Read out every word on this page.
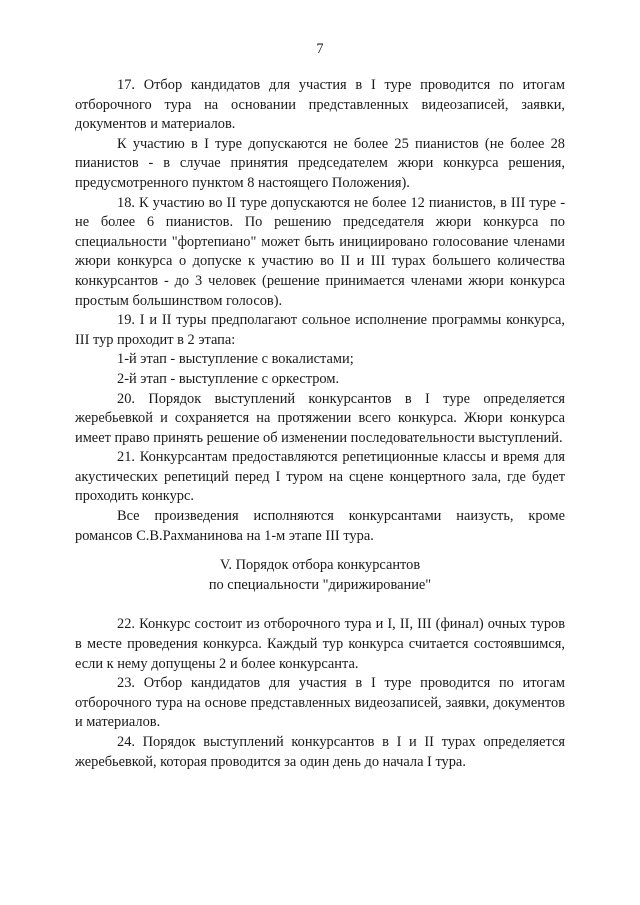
7

17. Отбор кандидатов для участия в I туре проводится по итогам отборочного тура на основании представленных видеозаписей, заявки, документов и материалов.

К участию в I туре допускаются не более 25 пианистов (не более 28 пианистов - в случае принятия председателем жюри конкурса решения, предусмотренного пунктом 8 настоящего Положения).

18. К участию во II туре допускаются не более 12 пианистов, в III туре - не более 6 пианистов. По решению председателя жюри конкурса по специальности "фортепиано" может быть инициировано голосование членами жюри конкурса о допуске к участию во II и III турах большего количества конкурсантов - до 3 человек (решение принимается членами жюри конкурса простым большинством голосов).

19. I и II туры предполагают сольное исполнение программы конкурса, III тур проходит в 2 этапа:

1-й этап - выступление с вокалистами;

2-й этап - выступление с оркестром.

20. Порядок выступлений конкурсантов в I туре определяется жеребьевкой и сохраняется на протяжении всего конкурса. Жюри конкурса имеет право принять решение об изменении последовательности выступлений.

21. Конкурсантам предоставляются репетиционные классы и время для акустических репетиций перед I туром на сцене концертного зала, где будет проходить конкурс.

Все произведения исполняются конкурсантами наизусть, кроме романсов С.В.Рахманинова на 1-м этапе III тура.

V. Порядок отбора конкурсантов
по специальности "дирижирование"

22. Конкурс состоит из отборочного тура и I, II, III (финал) очных туров в месте проведения конкурса. Каждый тур конкурса считается состоявшимся, если к нему допущены 2 и более конкурсанта.

23. Отбор кандидатов для участия в I туре проводится по итогам отборочного тура на основе представленных видеозаписей, заявки, документов и материалов.

24. Порядок выступлений конкурсантов в I и II турах определяется жеребьевкой, которая проводится за один день до начала I тура.
